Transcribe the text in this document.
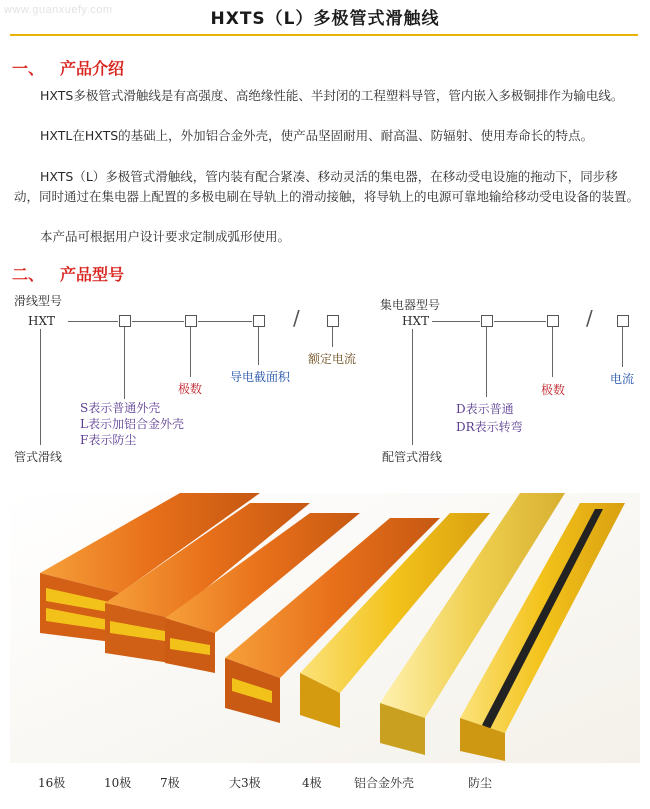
www.guanxuefy.com	HXTS（L）多极管式滑触线
一、 产品介绍
HXTS多极管式滑触线是有高强度、高绝缘性能、半封闭的工程塑料导管，管内嵌入多极铜排作为输电线。
HXTL在HXTS的基础上，外加铝合金外壳，使产品坚固耐用、耐高温、防辐射、使用寿命长的特点。
HXTS（L）多极管式滑触线，管内装有配合紧凑、移动灵活的集电器，在移动受电设施的拖动下，同步移动，同时通过在集电器上配置的多极电刷在导轨上的滑动接触，将导轨上的电源可靠地输给移动受电设备的装置。
本产品可根据用户设计要求定制成弧形使用。
二、 产品型号
滑线型号
HXT	/
额定电流
导电截面积
极数
S表示普通外壳
L表示加铝合金外壳
F表示防尘
管式滑线
集电器型号
HXT	/
电流
极数
D表示普通
DR表示转弯
配管式滑线
16极	10极 7极	大3极	4极	铝合金外壳	防尘
